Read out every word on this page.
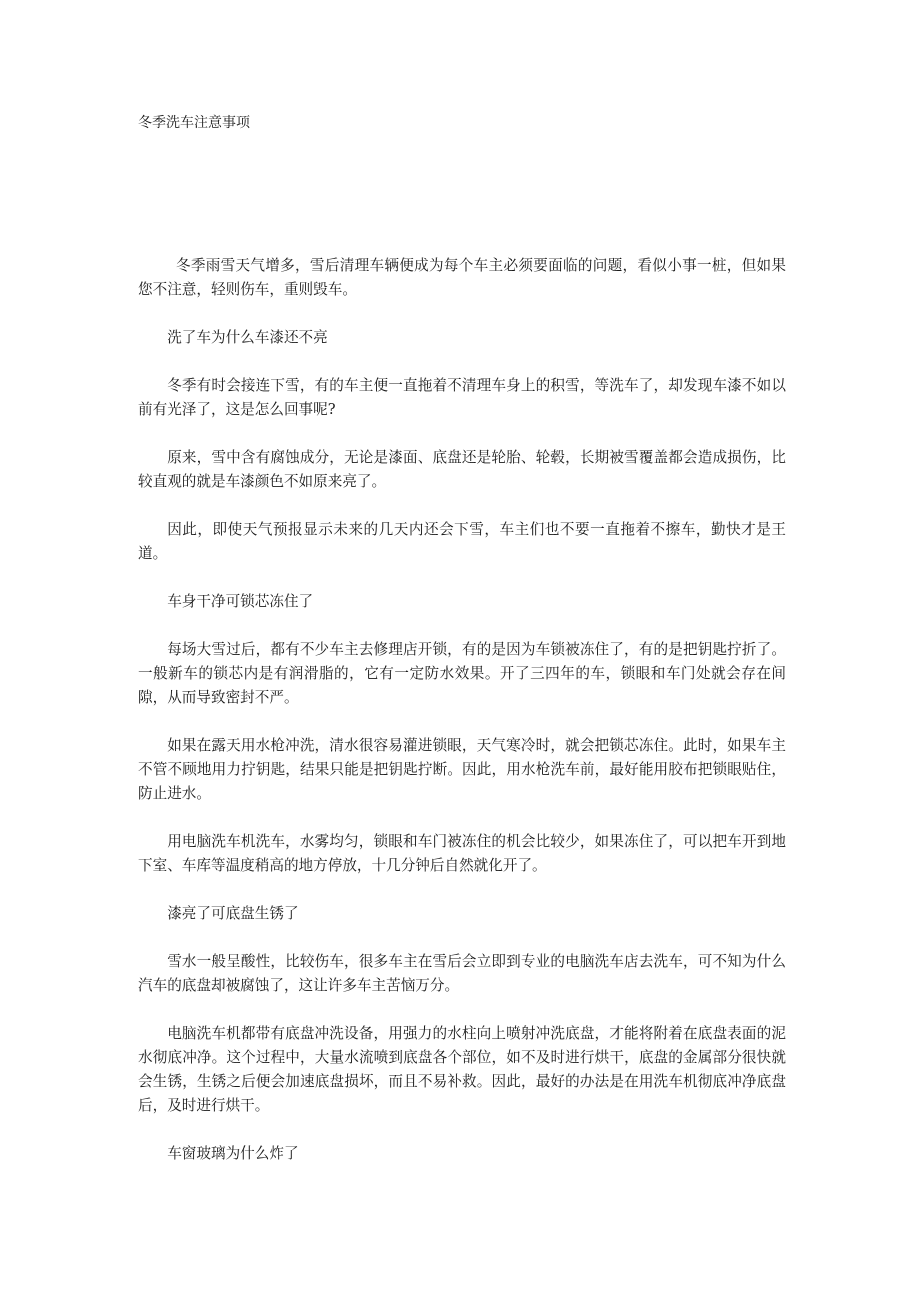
冬季洗车注意事项

冬季雨雪天气增多，雪后清理车辆便成为每个车主必须要面临的问题，看似小事一桩，但如果您不注意，轻则伤车，重则毁车。

洗了车为什么车漆还不亮

冬季有时会接连下雪，有的车主便一直拖着不清理车身上的积雪，等洗车了，却发现车漆不如以前有光泽了，这是怎么回事呢?

原来，雪中含有腐蚀成分，无论是漆面、底盘还是轮胎、轮毂，长期被雪覆盖都会造成损伤，比较直观的就是车漆颜色不如原来亮了。

因此，即使天气预报显示未来的几天内还会下雪，车主们也不要一直拖着不擦车，勤快才是王道。

车身干净可锁芯冻住了

每场大雪过后，都有不少车主去修理店开锁，有的是因为车锁被冻住了，有的是把钥匙拧折了。一般新车的锁芯内是有润滑脂的，它有一定防水效果。开了三四年的车，锁眼和车门处就会存在间隙，从而导致密封不严。

如果在露天用水枪冲洗，清水很容易灌进锁眼，天气寒冷时，就会把锁芯冻住。此时，如果车主不管不顾地用力拧钥匙，结果只能是把钥匙拧断。因此，用水枪洗车前，最好能用胶布把锁眼贴住，防止进水。

用电脑洗车机洗车，水雾均匀，锁眼和车门被冻住的机会比较少，如果冻住了，可以把车开到地下室、车库等温度稍高的地方停放，十几分钟后自然就化开了。

漆亮了可底盘生锈了

雪水一般呈酸性，比较伤车，很多车主在雪后会立即到专业的电脑洗车店去洗车，可不知为什么汽车的底盘却被腐蚀了，这让许多车主苦恼万分。

电脑洗车机都带有底盘冲洗设备，用强力的水柱向上喷射冲洗底盘，才能将附着在底盘表面的泥水彻底冲净。这个过程中，大量水流喷到底盘各个部位，如不及时进行烘干，底盘的金属部分很快就会生锈，生锈之后便会加速底盘损坏，而且不易补救。因此，最好的办法是在用洗车机彻底冲净底盘后，及时进行烘干。

车窗玻璃为什么炸了
